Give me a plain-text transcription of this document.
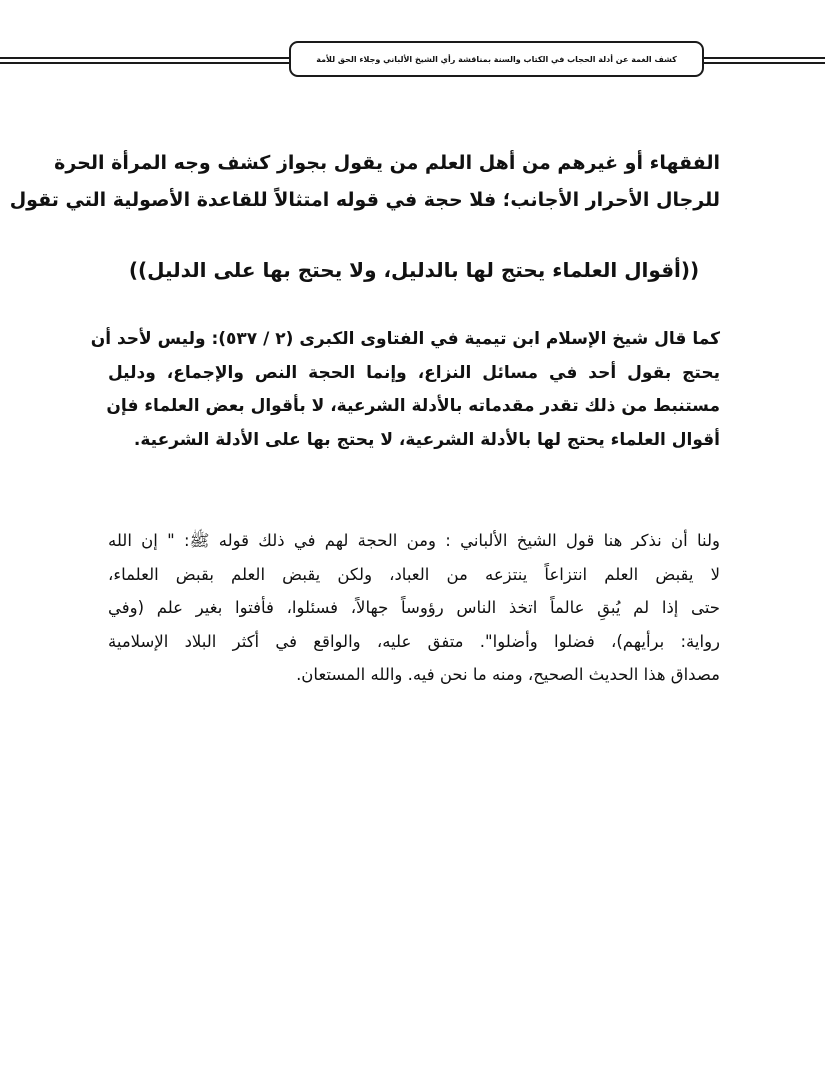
كشف الغمة عن أدلة الحجاب في الكتاب والسنة بمناقشة رأي الشيخ الألباني وجلاء الحق للأمة
الفقهاء أو غيرهم من أهل العلم من يقول بجواز كشف وجه المرأة الحرة
للرجال الأحرار الأجانب؛ فلا حجة في قوله امتثالاً للقاعدة الأصولية التي تقول
((أقوال العلماء يحتج لها بالدليل، ولا يحتج بها على الدليل))
كما قال شيخ الإسلام ابن تيمية في الفتاوى الكبرى (٢ / ٥٣٧): وليس لأحد أن
يحتج بقول أحد في مسائل النزاع، وإنما الحجة النص والإجماع، ودليل
مستنبط من ذلك تقدر مقدماته بالأدلة الشرعية، لا بأقوال بعض العلماء فإن
أقوال العلماء يحتج لها بالأدلة الشرعية، لا يحتج بها على الأدلة الشرعية.
ولنا أن نذكر هنا قول الشيخ الألباني : ومن الحجة لهم في ذلك قوله ﷺ: " إن الله
لا يقبض العلم انتزاعاً ينتزعه من العباد، ولكن يقبض العلم بقبض العلماء،
حتى إذا لم يُبقِ عالماً اتخذ الناس رؤوساً جهالاً، فسئلوا، فأفتوا بغير علم (وفي
رواية: برأيهم)، فضلوا وأضلوا". متفق عليه، والواقع في أكثر البلاد الإسلامية
مصداق هذا الحديث الصحيح، ومنه ما نحن فيه. والله المستعان.
